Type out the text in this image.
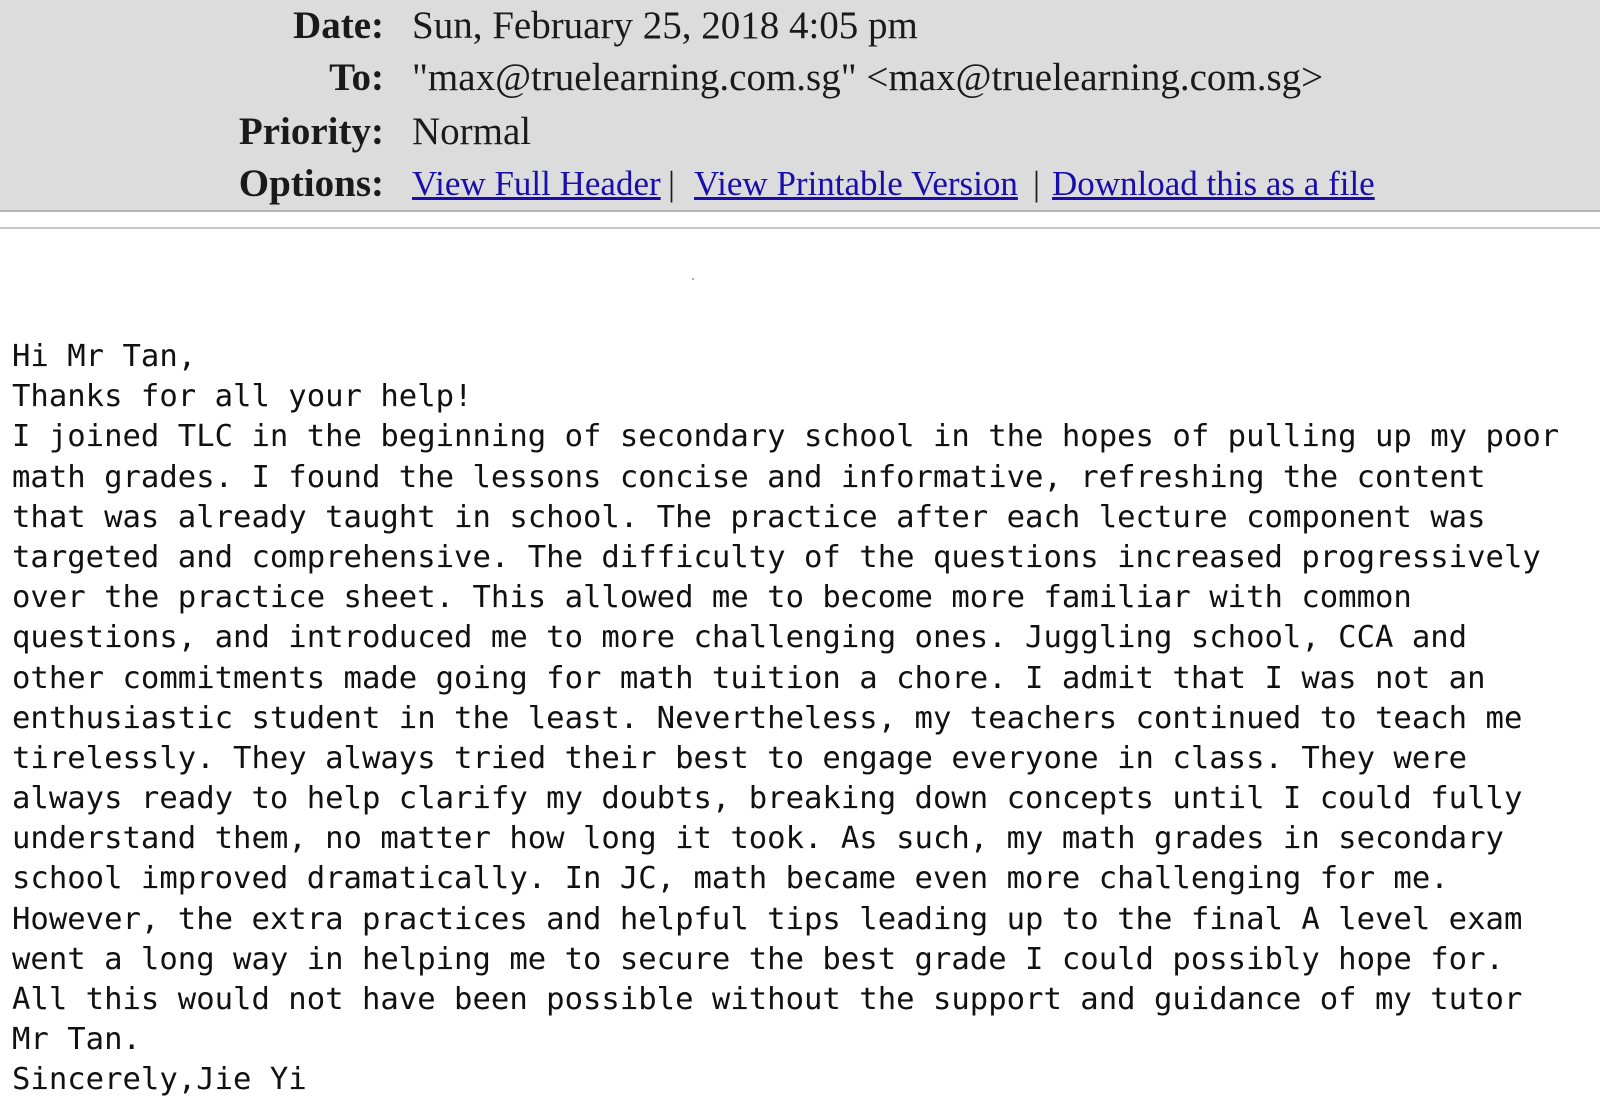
Date: Sun, February 25, 2018 4:05 pm
To: "max@truelearning.com.sg" <max@truelearning.com.sg>
Priority: Normal
Options: View Full Header | View Printable Version | Download this as a file
Hi Mr Tan,
Thanks for all your help!
I joined TLC in the beginning of secondary school in the hopes of pulling up my poor
math grades. I found the lessons concise and informative, refreshing the content
that was already taught in school. The practice after each lecture component was
targeted and comprehensive. The difficulty of the questions increased progressively
over the practice sheet. This allowed me to become more familiar with common
questions, and introduced me to more challenging ones. Juggling school, CCA and
other commitments made going for math tuition a chore. I admit that I was not an
enthusiastic student in the least. Nevertheless, my teachers continued to teach me
tirelessly. They always tried their best to engage everyone in class. They were
always ready to help clarify my doubts, breaking down concepts until I could fully
understand them, no matter how long it took. As such, my math grades in secondary
school improved dramatically. In JC, math became even more challenging for me.
However, the extra practices and helpful tips leading up to the final A level exam
went a long way in helping me to secure the best grade I could possibly hope for.
All this would not have been possible without the support and guidance of my tutor
Mr Tan.
Sincerely,Jie Yi
